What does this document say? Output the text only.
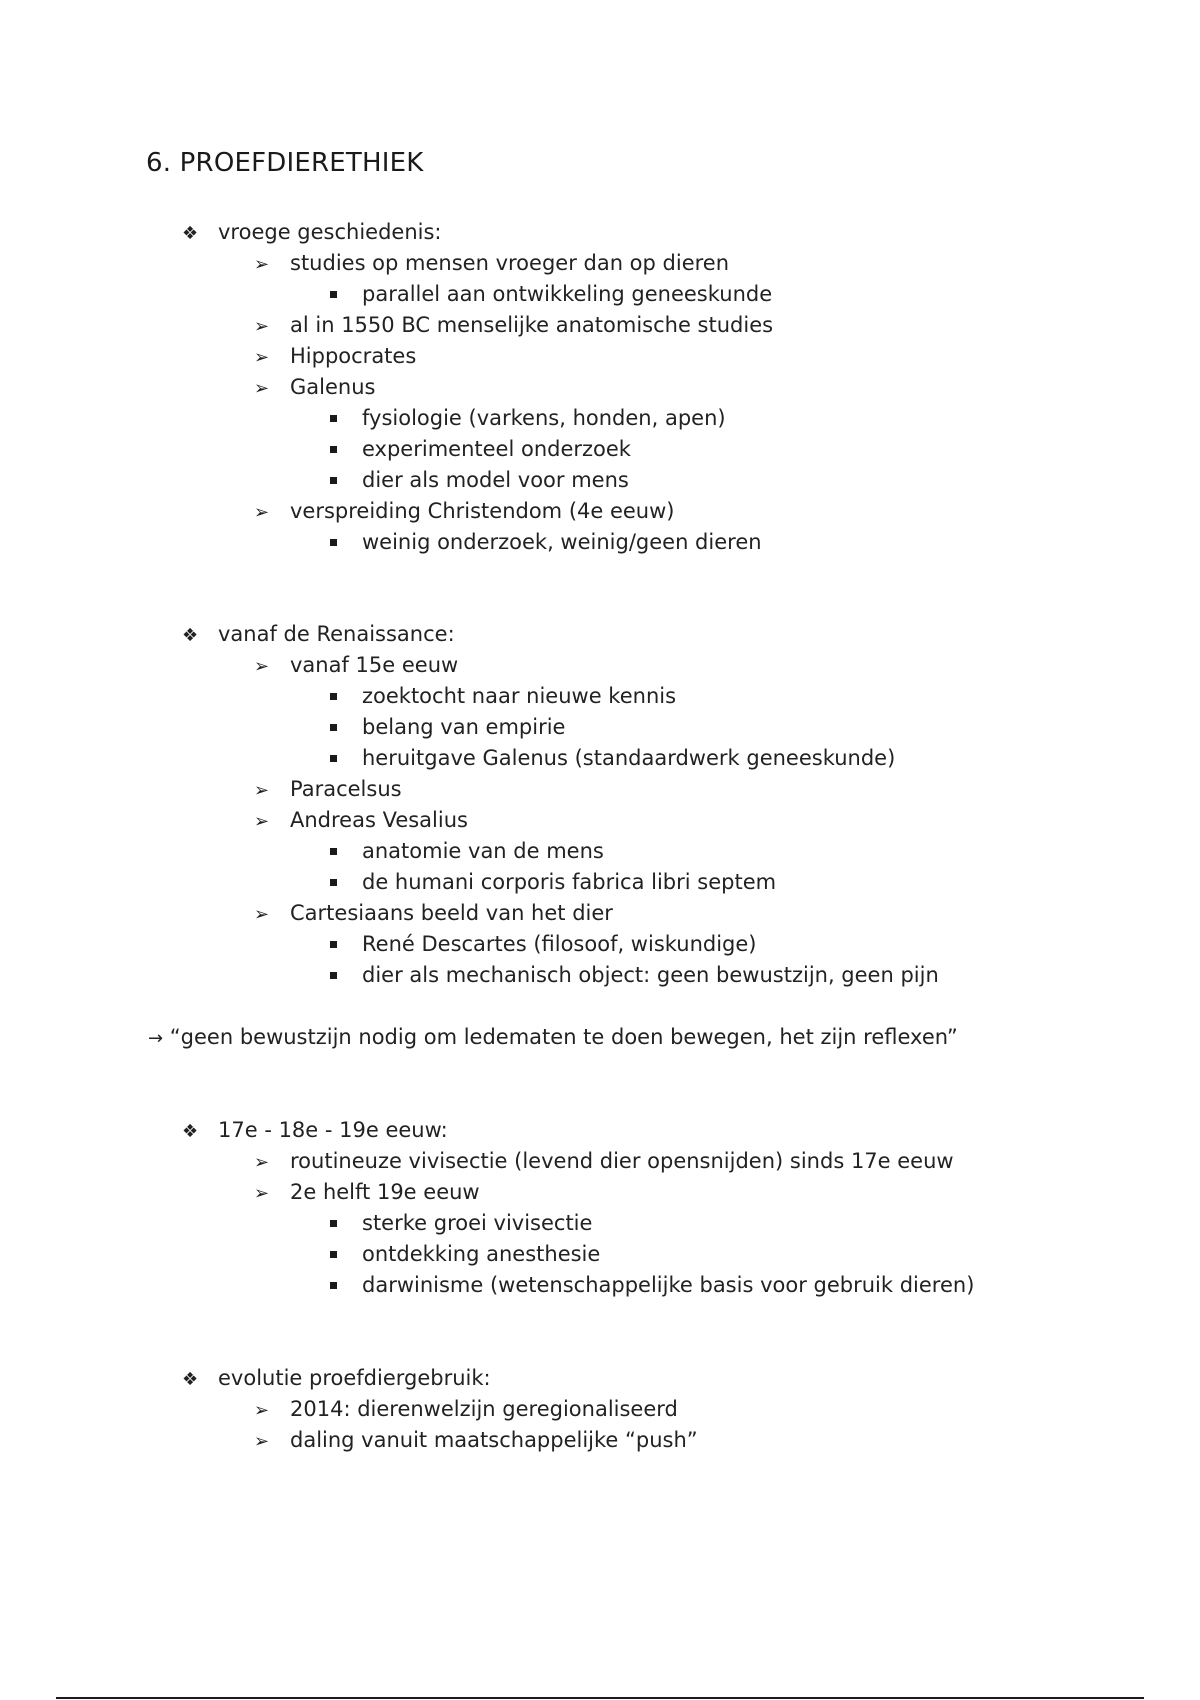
6. PROEFDIERETHIEK
❖ vroege geschiedenis:
➢ studies op mensen vroeger dan op dieren
parallel aan ontwikkeling geneeskunde
➢ al in 1550 BC menselijke anatomische studies
➢ Hippocrates
➢ Galenus
fysiologie (varkens, honden, apen)
experimenteel onderzoek
dier als model voor mens
➢ verspreiding Christendom (4e eeuw)
weinig onderzoek, weinig/geen dieren
❖ vanaf de Renaissance:
➢ vanaf 15e eeuw
zoektocht naar nieuwe kennis
belang van empirie
heruitgave Galenus (standaardwerk geneeskunde)
➢ Paracelsus
➢ Andreas Vesalius
anatomie van de mens
de humani corporis fabrica libri septem
➢ Cartesiaans beeld van het dier
René Descartes (filosoof, wiskundige)
dier als mechanisch object: geen bewustzijn, geen pijn
→ “geen bewustzijn nodig om ledematen te doen bewegen, het zijn reflexen”
❖ 17e - 18e - 19e eeuw:
➢ routineuze vivisectie (levend dier opensnijden) sinds 17e eeuw
➢ 2e helft 19e eeuw
sterke groei vivisectie
ontdekking anesthesie
darwinisme (wetenschappelijke basis voor gebruik dieren)
❖ evolutie proefdiergebruik:
➢ 2014: dierenwelzijn geregionaliseerd
➢ daling vanuit maatschappelijke “push”
